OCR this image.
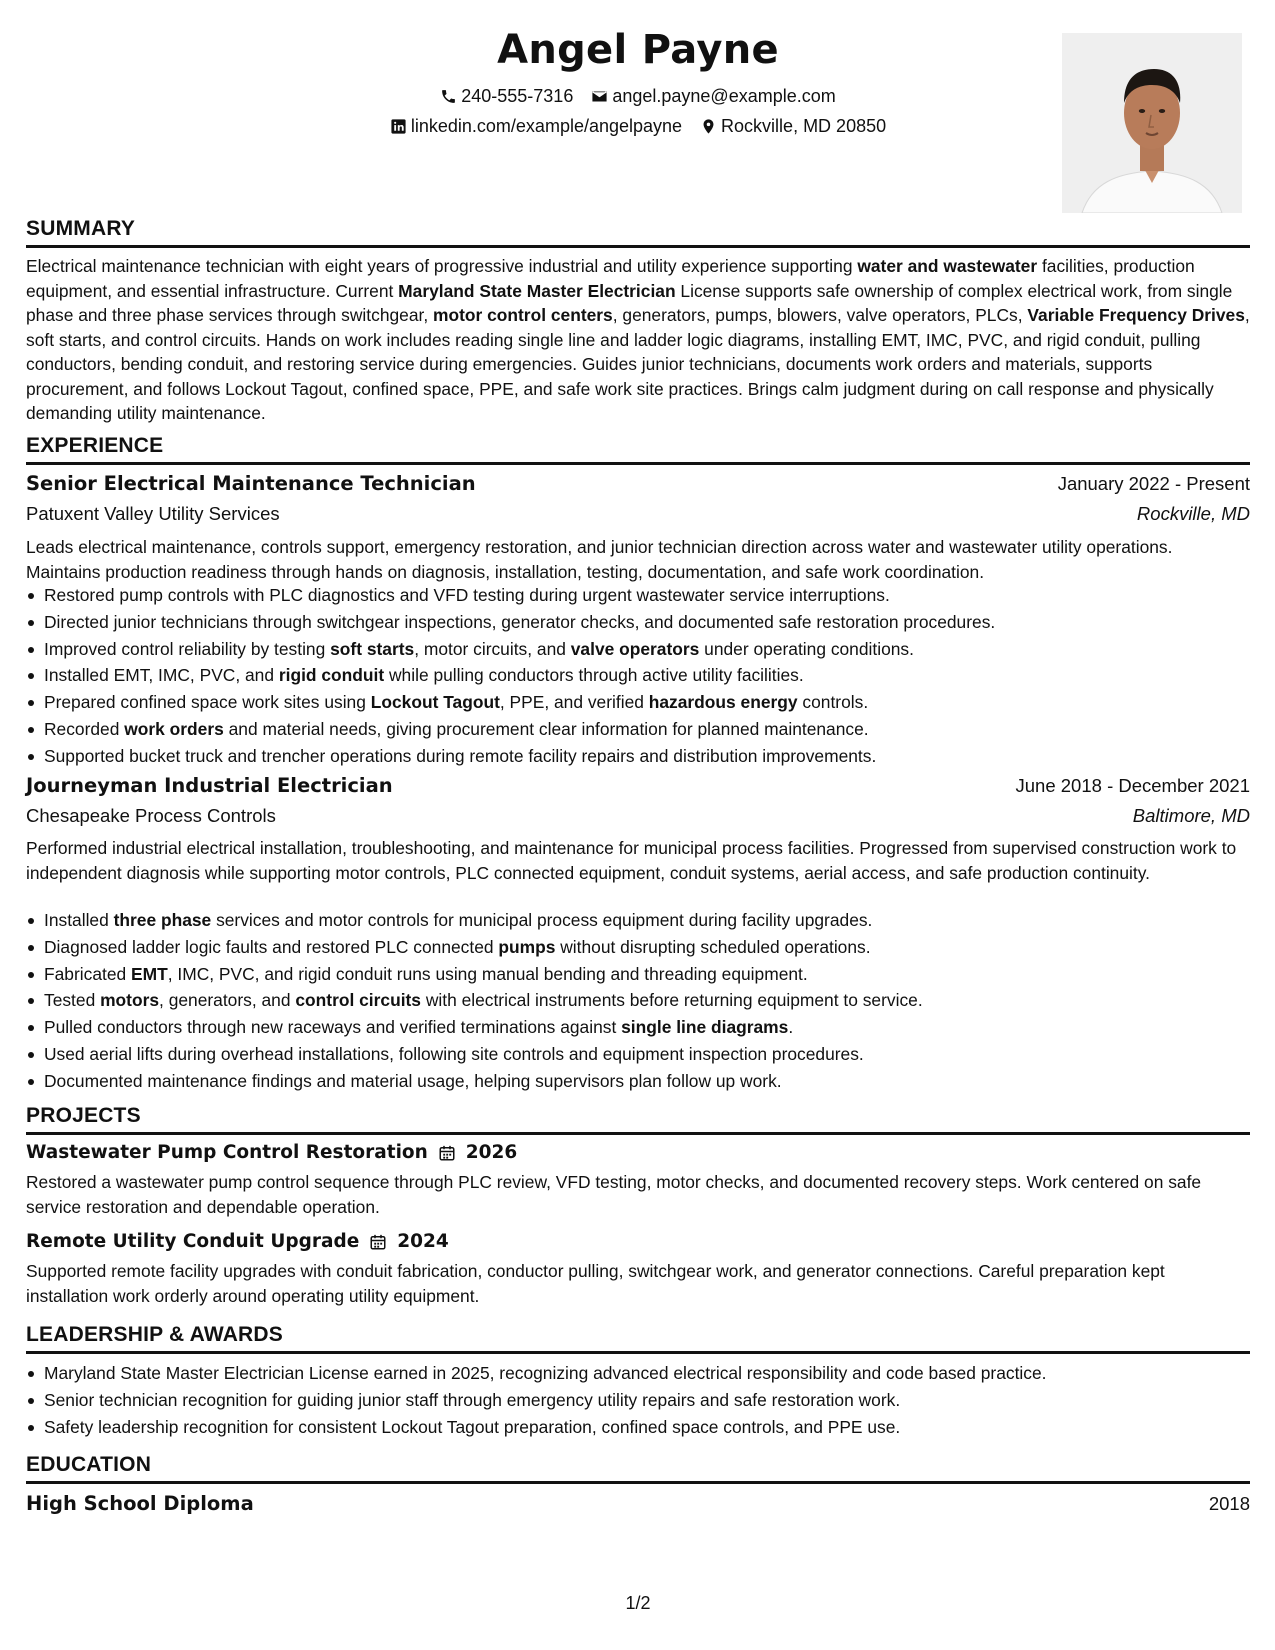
Angel Payne
240-555-7316 angel.payne@example.com
linkedin.com/example/angelpayne Rockville, MD 20850
SUMMARY

Electrical maintenance technician with eight years of progressive industrial and utility experience supporting water and wastewater facilities, production equipment, and essential infrastructure. Current Maryland State Master Electrician License supports safe ownership of complex electrical work, from single phase and three phase services through switchgear, motor control centers, generators, pumps, blowers, valve operators, PLCs, Variable Frequency Drives, soft starts, and control circuits. Hands on work includes reading single line and ladder logic diagrams, installing EMT, IMC, PVC, and rigid conduit, pulling conductors, bending conduit, and restoring service during emergencies. Guides junior technicians, documents work orders and materials, supports procurement, and follows Lockout Tagout, confined space, PPE, and safe work site practices. Brings calm judgment during on call response and physically demanding utility maintenance.

EXPERIENCE
Senior Electrical Maintenance Technician	January 2022 - Present
Patuxent Valley Utility Services	Rockville, MD

Leads electrical maintenance, controls support, emergency restoration, and junior technician direction across water and wastewater utility operations. Maintains production readiness through hands on diagnosis, installation, testing, documentation, and safe work coordination.

Restored pump controls with PLC diagnostics and VFD testing during urgent wastewater service interruptions.
Directed junior technicians through switchgear inspections, generator checks, and documented safe restoration procedures.
Improved control reliability by testing soft starts, motor circuits, and valve operators under operating conditions.
Installed EMT, IMC, PVC, and rigid conduit while pulling conductors through active utility facilities.
Prepared confined space work sites using Lockout Tagout, PPE, and verified hazardous energy controls.
Recorded work orders and material needs, giving procurement clear information for planned maintenance.
Supported bucket truck and trencher operations during remote facility repairs and distribution improvements.
Journeyman Industrial Electrician	June 2018 - December 2021
Chesapeake Process Controls	Baltimore, MD

Performed industrial electrical installation, troubleshooting, and maintenance for municipal process facilities. Progressed from supervised construction work to independent diagnosis while supporting motor controls, PLC connected equipment, conduit systems, aerial access, and safe production continuity.

Installed three phase services and motor controls for municipal process equipment during facility upgrades.
Diagnosed ladder logic faults and restored PLC connected pumps without disrupting scheduled operations.
Fabricated EMT, IMC, PVC, and rigid conduit runs using manual bending and threading equipment.
Tested motors, generators, and control circuits with electrical instruments before returning equipment to service.
Pulled conductors through new raceways and verified terminations against single line diagrams.
Used aerial lifts during overhead installations, following site controls and equipment inspection procedures.
Documented maintenance findings and material usage, helping supervisors plan follow up work.
PROJECTS
Wastewater Pump Control Restoration 2026

Restored a wastewater pump control sequence through PLC review, VFD testing, motor checks, and documented recovery steps. Work centered on safe service restoration and dependable operation.

Remote Utility Conduit Upgrade 2024

Supported remote facility upgrades with conduit fabrication, conductor pulling, switchgear work, and generator connections. Careful preparation kept installation work orderly around operating utility equipment.

LEADERSHIP & AWARDS
Maryland State Master Electrician License earned in 2025, recognizing advanced electrical responsibility and code based practice.
Senior technician recognition for guiding junior staff through emergency utility repairs and safe restoration work.
Safety leadership recognition for consistent Lockout Tagout preparation, confined space controls, and PPE use.
EDUCATION
High School Diploma	2018
1/2
